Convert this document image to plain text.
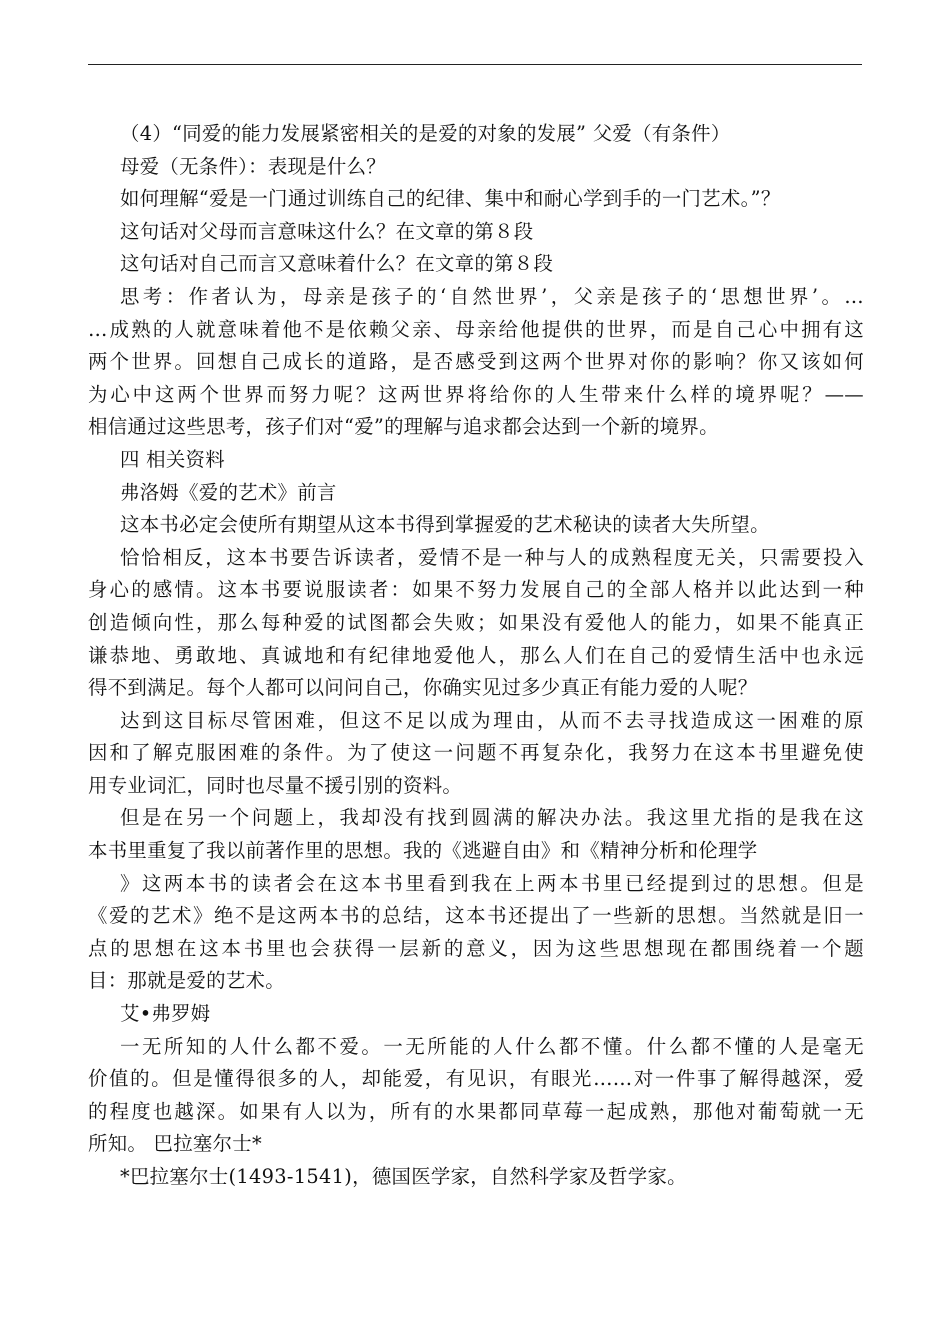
（4）“同爱的能力发展紧密相关的是爱的对象的发展” 父爱（有条件）
母爱（无条件）：表现是什么？
如何理解“爱是一门通过训练自己的纪律、集中和耐心学到手的一门艺术。”？
这句话对父母而言意味这什么？在文章的第８段
这句话对自己而言又意味着什么？在文章的第８段
思考：作者认为，母亲是孩子的‘自然世界’，父亲是孩子的‘思想世界’。…
…成熟的人就意味着他不是依赖父亲、母亲给他提供的世界，而是自己心中拥有这
两个世界。回想自己成长的道路，是否感受到这两个世界对你的影响？你又该如何
为心中这两个世界而努力呢？这两世界将给你的人生带来什么样的境界呢？——
相信通过这些思考，孩子们对“爱”的理解与追求都会达到一个新的境界。
四 相关资料
弗洛姆《爱的艺术》前言
这本书必定会使所有期望从这本书得到掌握爱的艺术秘诀的读者大失所望。
恰恰相反，这本书要告诉读者，爱情不是一种与人的成熟程度无关，只需要投入
身心的感情。这本书要说服读者：如果不努力发展自己的全部人格并以此达到一种
创造倾向性，那么每种爱的试图都会失败；如果没有爱他人的能力，如果不能真正
谦恭地、勇敢地、真诚地和有纪律地爱他人，那么人们在自己的爱情生活中也永远
得不到满足。每个人都可以问问自己，你确实见过多少真正有能力爱的人呢？
达到这目标尽管困难，但这不足以成为理由，从而不去寻找造成这一困难的原
因和了解克服困难的条件。为了使这一问题不再复杂化，我努力在这本书里避免使
用专业词汇，同时也尽量不援引别的资料。
但是在另一个问题上，我却没有找到圆满的解决办法。我这里尤指的是我在这
本书里重复了我以前著作里的思想。我的《逃避自由》和《精神分析和伦理学
》这两本书的读者会在这本书里看到我在上两本书里已经提到过的思想。但是
《爱的艺术》绝不是这两本书的总结，这本书还提出了一些新的思想。当然就是旧一
点的思想在这本书里也会获得一层新的意义，因为这些思想现在都围绕着一个题
目：那就是爱的艺术。
艾•弗罗姆
一无所知的人什么都不爱。一无所能的人什么都不懂。什么都不懂的人是毫无
价值的。但是懂得很多的人，却能爱，有见识，有眼光……对一件事了解得越深，爱
的程度也越深。如果有人以为，所有的水果都同草莓一起成熟，那他对葡萄就一无
所知。 巴拉塞尔士*
*巴拉塞尔士(1493-1541)，德国医学家，自然科学家及哲学家。
